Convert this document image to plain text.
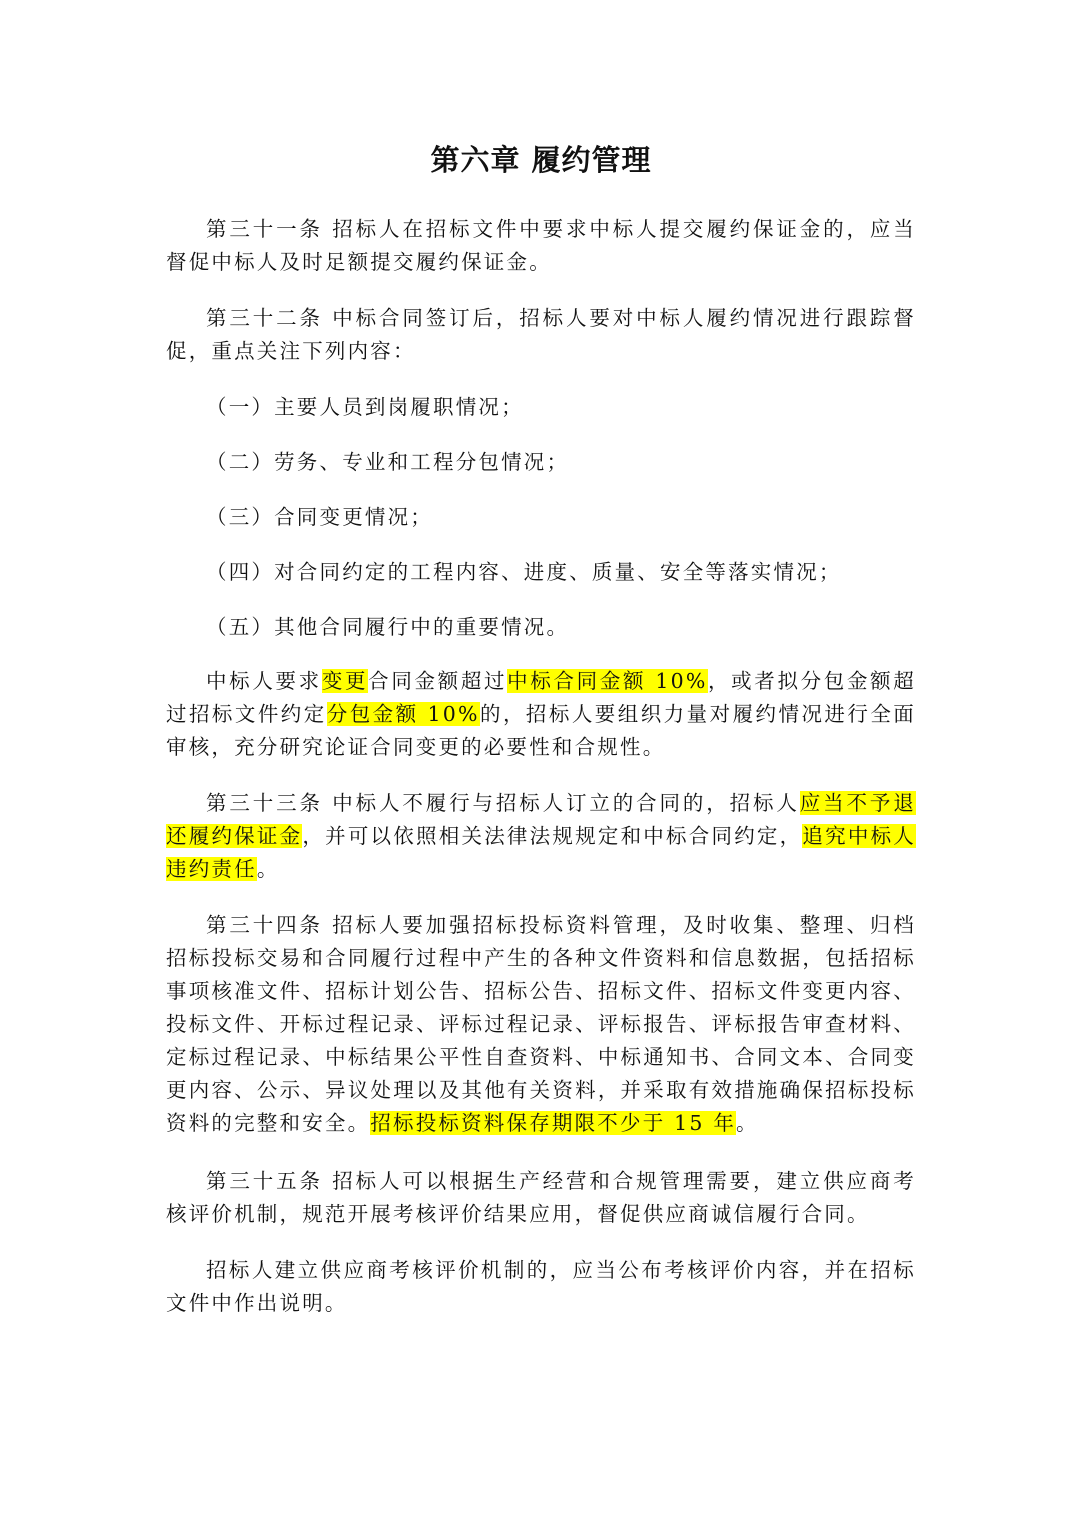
第六章 履约管理

第三十一条 招标人在招标文件中要求中标人提交履约保证金的，应当督促中标人及时足额提交履约保证金。

第三十二条 中标合同签订后，招标人要对中标人履约情况进行跟踪督促，重点关注下列内容：

（一）主要人员到岗履职情况；
（二）劳务、专业和工程分包情况；
（三）合同变更情况；
（四）对合同约定的工程内容、进度、质量、安全等落实情况；
（五）其他合同履行中的重要情况。

中标人要求变更合同金额超过中标合同金额 10%，或者拟分包金额超过招标文件约定分包金额 10%的，招标人要组织力量对履约情况进行全面审核，充分研究论证合同变更的必要性和合规性。

第三十三条 中标人不履行与招标人订立的合同的，招标人应当不予退还履约保证金，并可以依照相关法律法规规定和中标合同约定，追究中标人违约责任。

第三十四条 招标人要加强招标投标资料管理，及时收集、整理、归档招标投标交易和合同履行过程中产生的各种文件资料和信息数据，包括招标事项核准文件、招标计划公告、招标公告、招标文件、招标文件变更内容、投标文件、开标过程记录、评标过程记录、评标报告、评标报告审查材料、定标过程记录、中标结果公平性自查资料、中标通知书、合同文本、合同变更内容、公示、异议处理以及其他有关资料，并采取有效措施确保招标投标资料的完整和安全。招标投标资料保存期限不少于 15 年。

第三十五条 招标人可以根据生产经营和合规管理需要，建立供应商考核评价机制，规范开展考核评价结果应用，督促供应商诚信履行合同。

招标人建立供应商考核评价机制的，应当公布考核评价内容，并在招标文件中作出说明。
